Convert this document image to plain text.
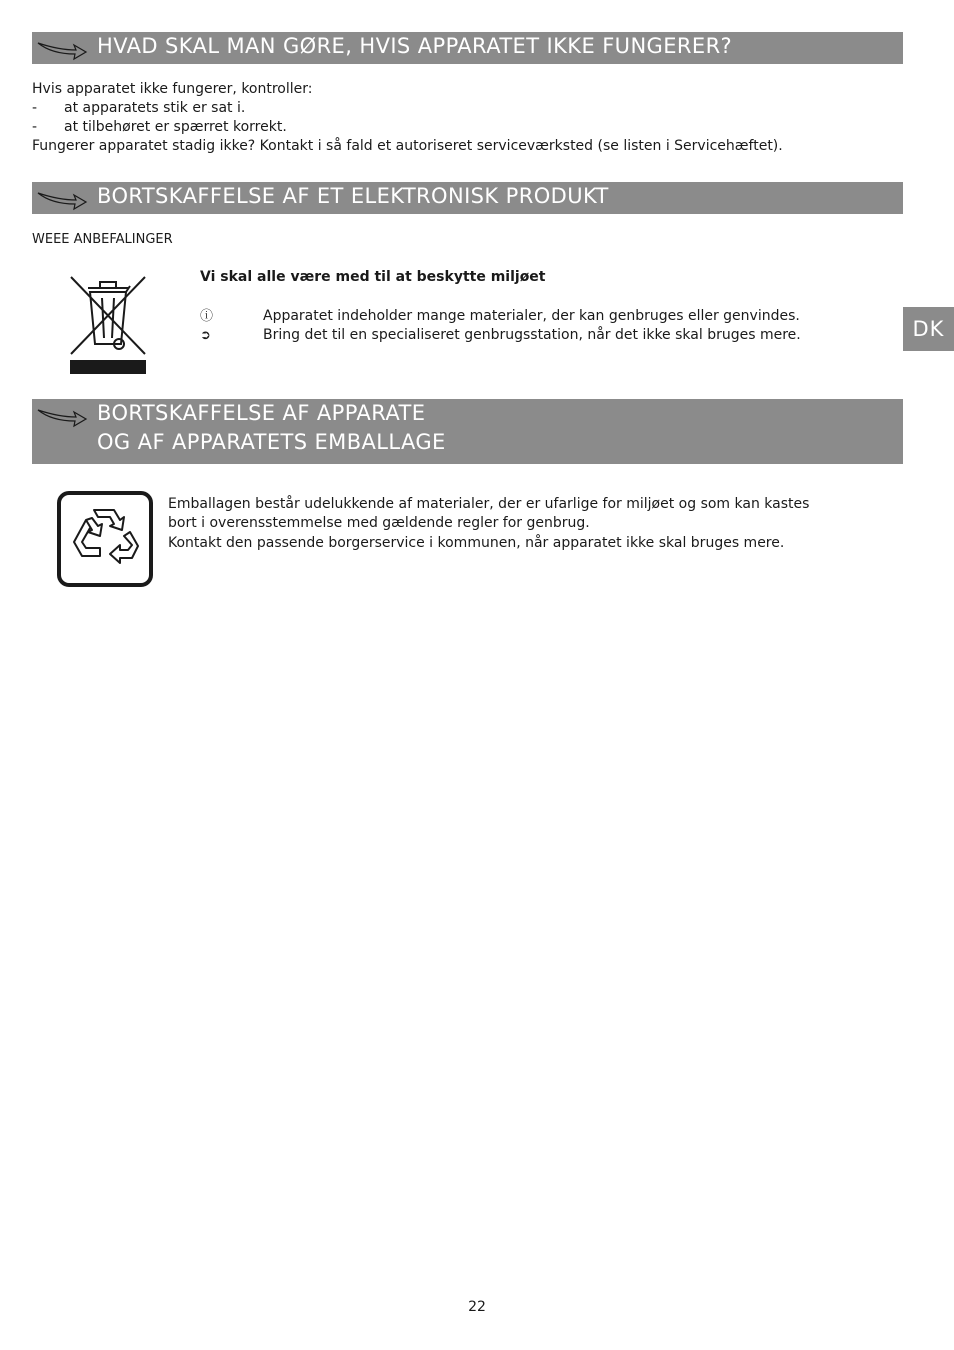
HVAD SKAL MAN GØRE, HVIS APPARATET IKKE FUNGERER?
Hvis apparatet ikke fungerer, kontroller:
- at apparatets stik er sat i.
- at tilbehøret er spærret korrekt.
Fungerer apparatet stadig ikke? Kontakt i så fald et autoriseret serviceværksted (se listen i Servicehæftet).
BORTSKAFFELSE AF ET ELEKTRONISK PRODUKT
WEEE ANBEFALINGER
Vi skal alle være med til at beskytte miljøet
ⓘ	Apparatet indeholder mange materialer, der kan genbruges eller genvindes.
➲	Bring det til en specialiseret genbrugsstation, når det ikke skal bruges mere.	DK
BORTSKAFFELSE AF APPARATE
OG AF APPARATETS EMBALLAGE
Emballagen består udelukkende af materialer, der er ufarlige for miljøet og som kan kastes
bort i overensstemmelse med gældende regler for genbrug.
Kontakt den passende borgerservice i kommunen, når apparatet ikke skal bruges mere.
22
